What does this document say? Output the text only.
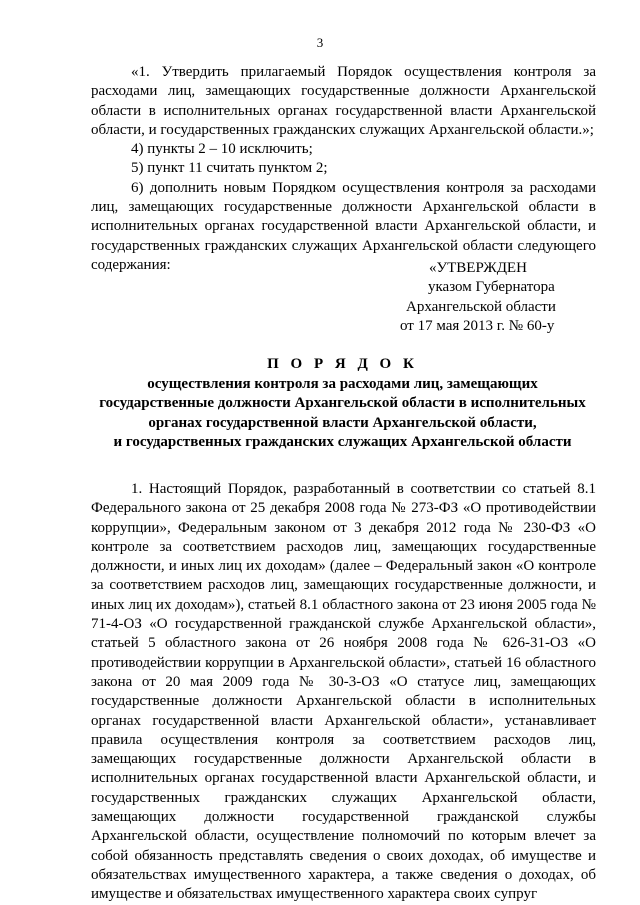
3

«1. Утвердить прилагаемый Порядок осуществления контроля за расходами лиц, замещающих государственные должности Архангельской области в исполнительных органах государственной власти Архангельской области, и государственных гражданских служащих Архангельской области.»;

4) пункты 2 – 10 исключить;

5) пункт 11 считать пунктом 2;

6) дополнить новым Порядком осуществления контроля за расходами лиц, замещающих государственные должности Архангельской области в исполнительных органах государственной власти Архангельской области, и государственных гражданских служащих Архангельской области следующего содержания:	«УТВЕРЖДЕН
указом Губернатора
Архангельской области
от 17 мая 2013 г. № 60-у
П О Р Я Д О К
осуществления контроля за расходами лиц, замещающих
государственные должности Архангельской области в исполнительных
органах государственной власти Архангельской области,
и государственных гражданских служащих Архангельской области

1. Настоящий Порядок, разработанный в соответствии со статьей 8.1 Федерального закона от 25 декабря 2008 года № 273-ФЗ «О противодействии коррупции», Федеральным законом от 3 декабря 2012 года № 230-ФЗ «О контроле за соответствием расходов лиц, замещающих государственные должности, и иных лиц их доходам» (далее – Федеральный закон «О контроле за соответствием расходов лиц, замещающих государственные должности, и иных лиц их доходам»), статьей 8.1 областного закона от 23 июня 2005 года № 71-4-ОЗ «О государственной гражданской службе Архангельской области», статьей 5 областного закона от 26 ноября 2008 года № 626-31-ОЗ «О противодействии коррупции в Архангельской области», статьей 16 областного закона от 20 мая 2009 года № 30-3-ОЗ «О статусе лиц, замещающих государственные должности Архангельской области в исполнительных органах государственной власти Архангельской области», устанавливает правила осуществления контроля за соответствием расходов лиц, замещающих государственные должности Архангельской области в исполнительных органах государственной власти Архангельской области, и государственных гражданских служащих Архангельской области, замещающих должности государственной гражданской службы Архангельской области, осуществление полномочий по которым влечет за собой обязанность представлять сведения о своих доходах, об имуществе и обязательствах имущественного характера, а также сведения о доходах, об имуществе и обязательствах имущественного характера своих супруг
